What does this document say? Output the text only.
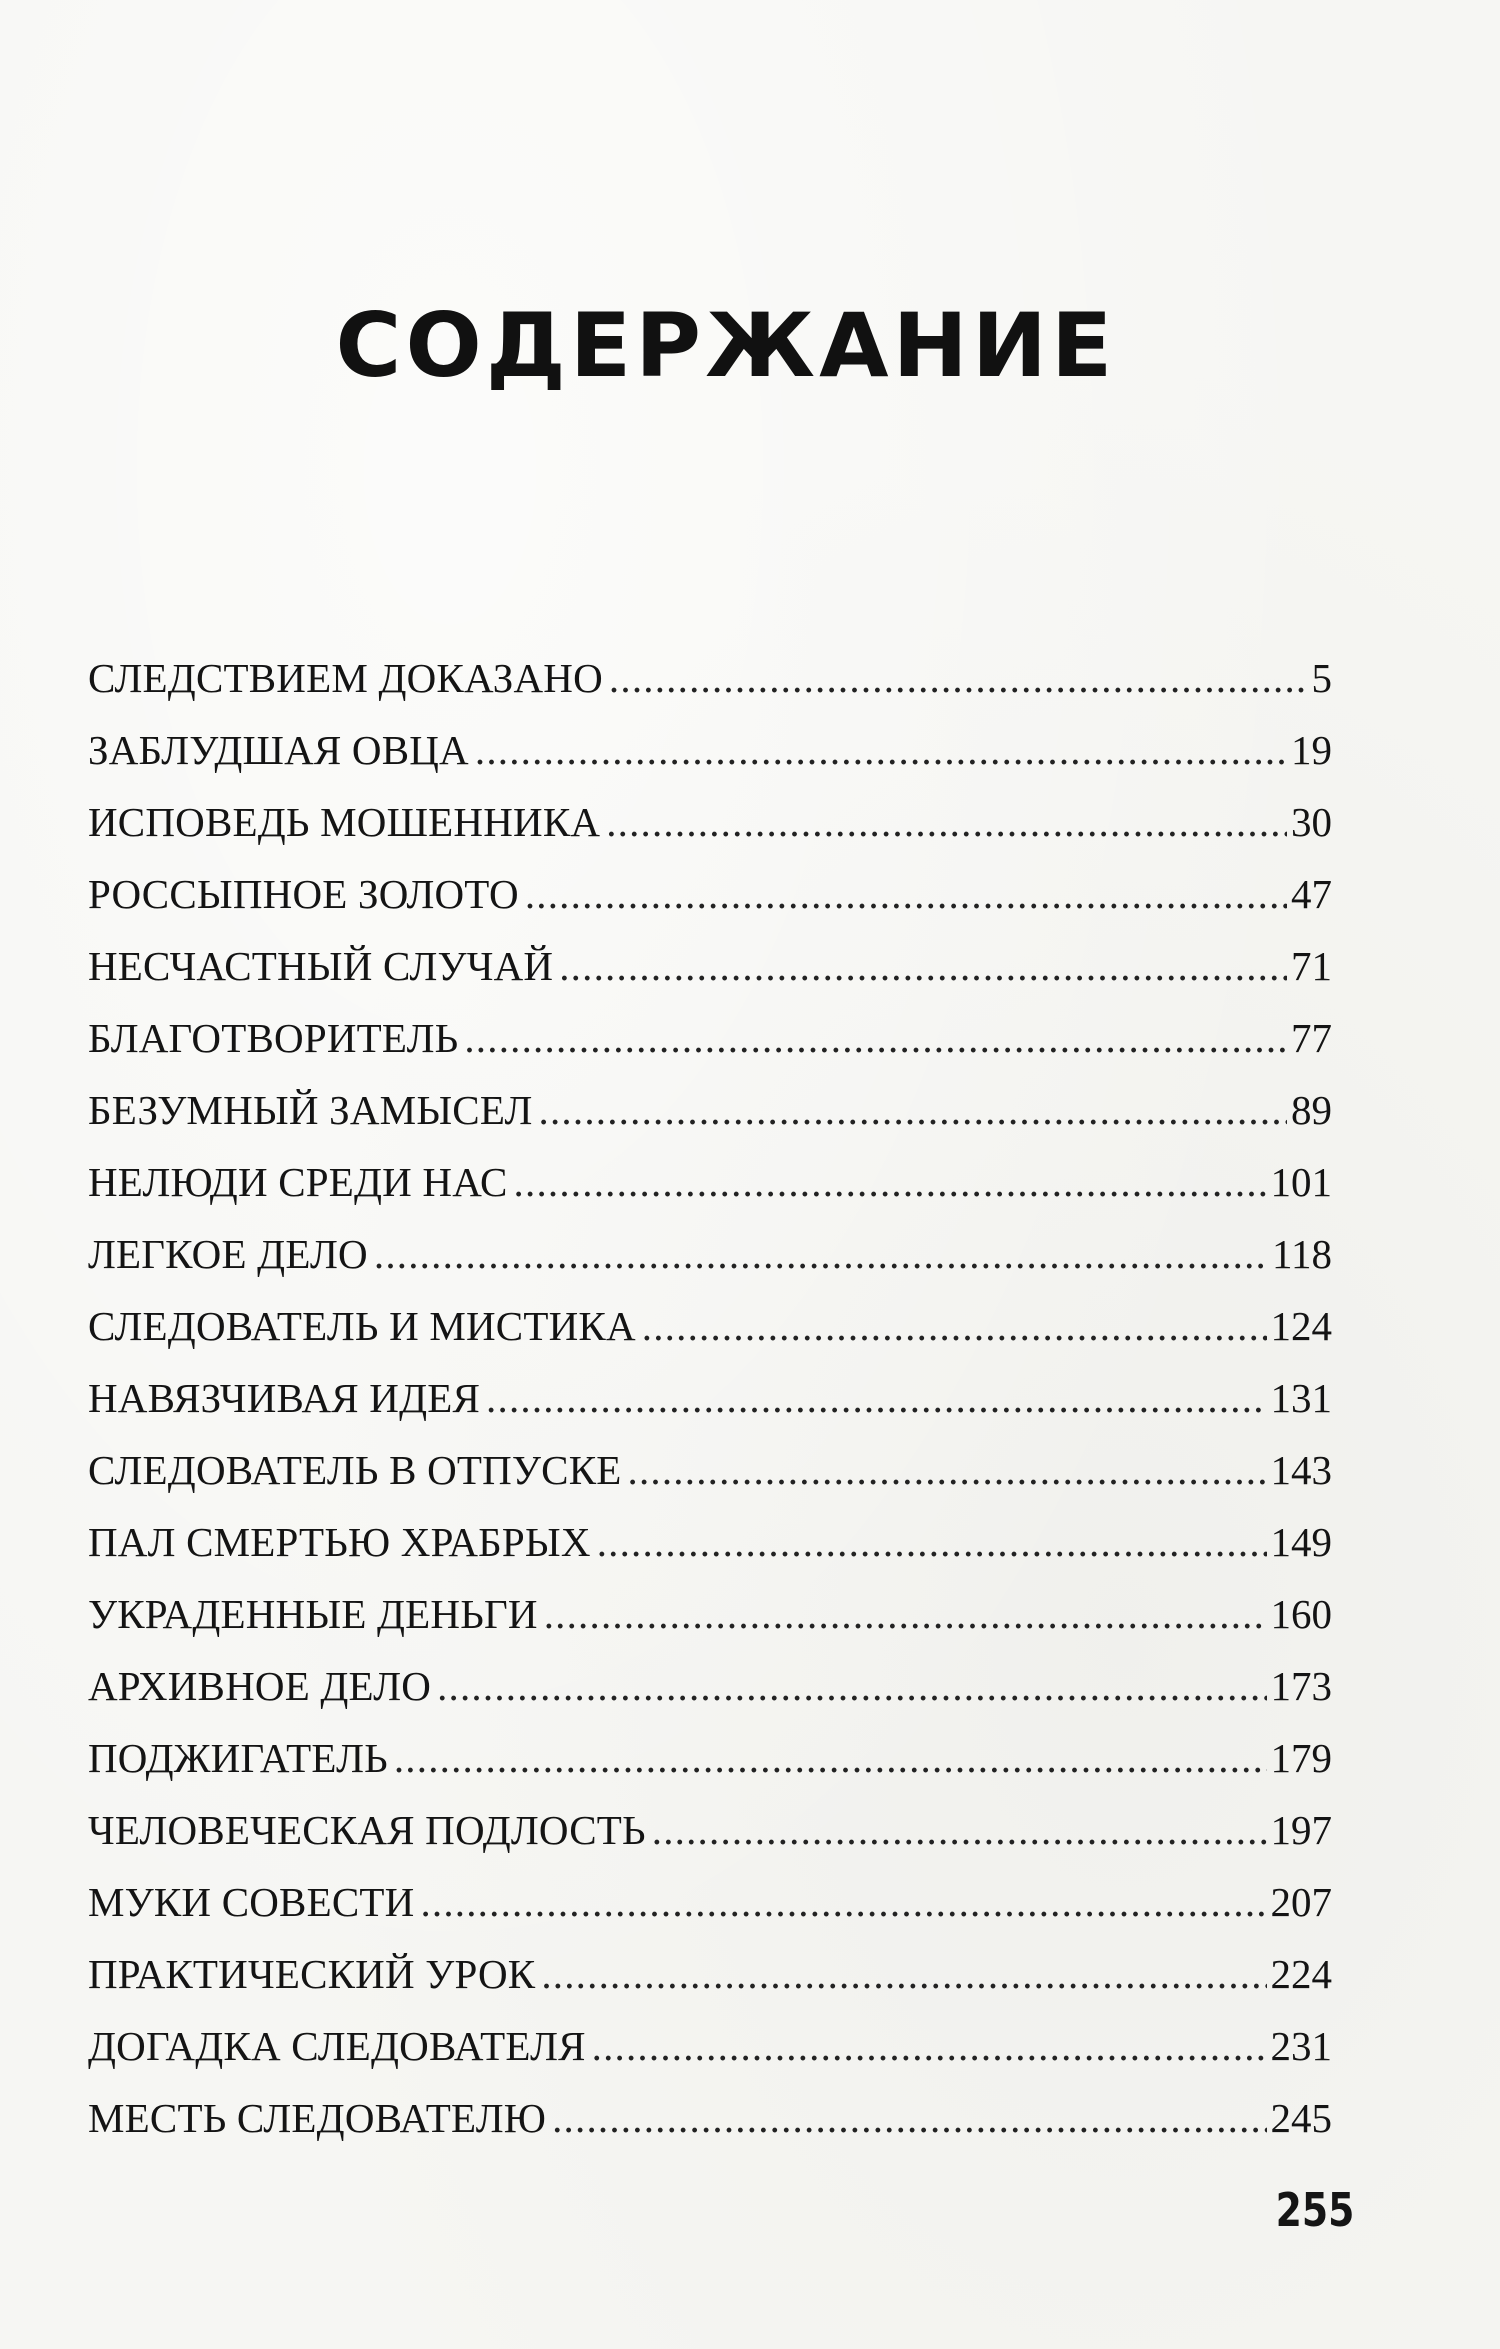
СОДЕРЖАНИЕ
СЛЕДСТВИЕМ ДОКАЗАНО .....	5
ЗАБЛУДШАЯ ОВЦА .....	19
ИСПОВЕДЬ МОШЕННИКА .....	30
РОССЫПНОЕ ЗОЛОТО .....	47
НЕСЧАСТНЫЙ СЛУЧАЙ .....	71
БЛАГОТВОРИТЕЛЬ .....	77
БЕЗУМНЫЙ ЗАМЫСЕЛ .....	89
НЕЛЮДИ СРЕДИ НАС .....	101
ЛЕГКОЕ ДЕЛО .....	118
СЛЕДОВАТЕЛЬ И МИСТИКА .....	124
НАВЯЗЧИВАЯ ИДЕЯ .....	131
СЛЕДОВАТЕЛЬ В ОТПУСКЕ .....	143
ПАЛ СМЕРТЬЮ ХРАБРЫХ .....	149
УКРАДЕННЫЕ ДЕНЬГИ .....	160
АРХИВНОЕ ДЕЛО .....	173
ПОДЖИГАТЕЛЬ .....	179
ЧЕЛОВЕЧЕСКАЯ ПОДЛОСТЬ .....	197
МУКИ СОВЕСТИ .....	207
ПРАКТИЧЕСКИЙ УРОК .....	224
ДОГАДКА СЛЕДОВАТЕЛЯ .....	231
МЕСТЬ СЛЕДОВАТЕЛЮ .....	245
255
